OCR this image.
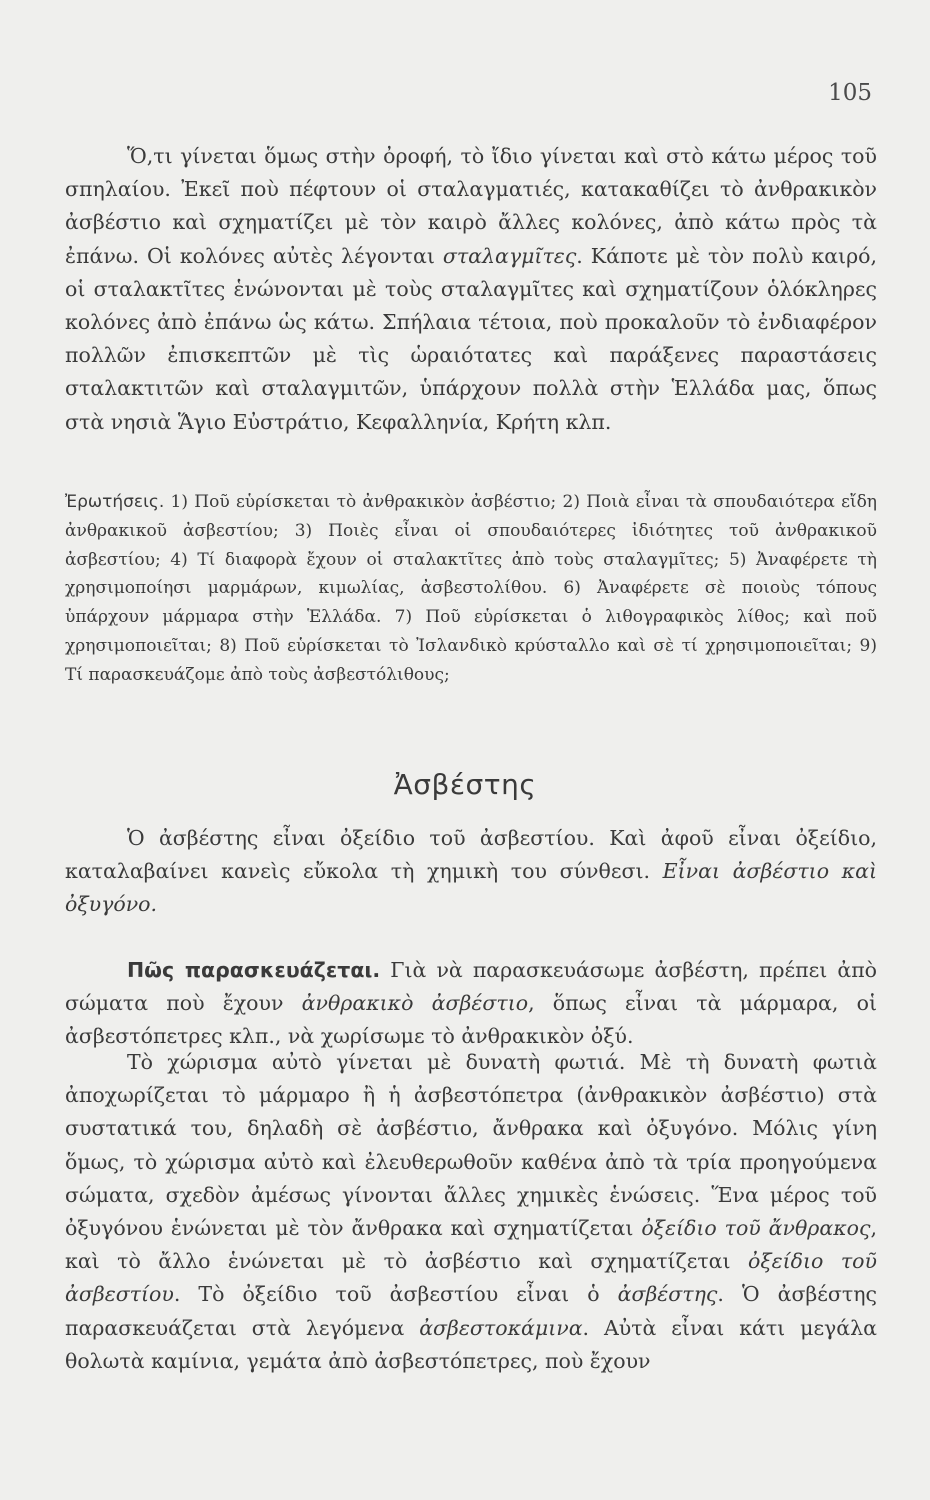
105

Ὅ,τι γίνεται ὅμως στὴν ὀροφή, τὸ ἴδιο γίνεται καὶ στὸ κάτω μέρος τοῦ σπηλαίου. Ἐκεῖ ποὺ πέφτουν οἱ σταλαγματιές, κατακαθίζει τὸ ἀνθρακικὸν ἀσβέστιο καὶ σχηματίζει μὲ τὸν καιρὸ ἄλλες κολόνες, ἀπὸ κάτω πρὸς τὰ ἐπάνω. Οἱ κολόνες αὐτὲς λέγονται σταλαγμῖτες. Κάποτε μὲ τὸν πολὺ καιρό, οἱ σταλακτῖτες ἑνώνονται μὲ τοὺς σταλαγμῖτες καὶ σχηματίζουν ὁλόκληρες κολόνες ἀπὸ ἐπάνω ὡς κάτω. Σπήλαια τέτοια, ποὺ προκαλοῦν τὸ ἐνδιαφέρον πολλῶν ἐπισκεπτῶν μὲ τὶς ὡραιότατες καὶ παράξενες παραστάσεις σταλακτιτῶν καὶ σταλαγμιτῶν, ὑπάρχουν πολλὰ στὴν Ἑλλάδα μας, ὅπως στὰ νησιὰ Ἅγιο Εὐστράτιο, Κεφαλληνία, Κρήτη κλπ.

Ἐρωτήσεις. 1) Ποῦ εὑρίσκεται τὸ ἀνθρακικὸν ἀσβέστιο; 2) Ποιὰ εἶναι τὰ σπουδαιότερα εἴδη ἀνθρακικοῦ ἀσβεστίου; 3) Ποιὲς εἶναι οἱ σπουδαιότερες ἰδιότητες τοῦ ἀνθρακικοῦ ἀσβεστίου; 4) Τί διαφορὰ ἔχουν οἱ σταλακτῖτες ἀπὸ τοὺς σταλαγμῖτες; 5) Ἀναφέρετε τὴ χρησιμοποίησι μαρμάρων, κιμωλίας, ἀσβεστολίθου. 6) Ἀναφέρετε σὲ ποιοὺς τόπους ὑπάρχουν μάρμαρα στὴν Ἑλλάδα. 7) Ποῦ εὑρίσκεται ὁ λιθογραφικὸς λίθος; καὶ ποῦ χρησιμοποιεῖται; 8) Ποῦ εὑρίσκεται τὸ Ἰσλανδικὸ κρύσταλλο καὶ σὲ τί χρησιμοποιεῖται; 9) Τί παρασκευάζομε ἀπὸ τοὺς ἀσβεστόλιθους;
Ἀσβέστης

Ὁ ἀσβέστης εἶναι ὀξείδιο τοῦ ἀσβεστίου. Καὶ ἀφοῦ εἶναι ὀξείδιο, καταλαβαίνει κανεὶς εὔκολα τὴ χημικὴ του σύνθεσι. Εἶναι ἀσβέστιο καὶ ὀξυγόνο.

Πῶς παρασκευάζεται. Γιὰ νὰ παρασκευάσωμε ἀσβέστη, πρέπει ἀπὸ σώματα ποὺ ἔχουν ἀνθρακικὸ ἀσβέστιο, ὅπως εἶναι τὰ μάρμαρα, οἱ ἀσβεστόπετρες κλπ., νὰ χωρίσωμε τὸ ἀνθρακικὸν ὀξύ.

Τὸ χώρισμα αὐτὸ γίνεται μὲ δυνατὴ φωτιά. Μὲ τὴ δυνατὴ φωτιὰ ἀποχωρίζεται τὸ μάρμαρο ἢ ἡ ἀσβεστόπετρα (ἀνθρακικὸν ἀσβέστιο) στὰ συστατικά του, δηλαδὴ σὲ ἀσβέστιο, ἄνθρακα καὶ ὀξυγόνο. Μόλις γίνη ὅμως, τὸ χώρισμα αὐτὸ καὶ ἐλευθερωθοῦν καθένα ἀπὸ τὰ τρία προηγούμενα σώματα, σχεδὸν ἀμέσως γίνονται ἄλλες χημικὲς ἑνώσεις. Ἕνα μέρος τοῦ ὀξυγόνου ἑνώνεται μὲ τὸν ἄνθρακα καὶ σχηματίζεται ὀξείδιο τοῦ ἄνθρακος, καὶ τὸ ἄλλο ἑνώνεται μὲ τὸ ἀσβέστιο καὶ σχηματίζεται ὀξείδιο τοῦ ἀσβεστίου. Τὸ ὀξείδιο τοῦ ἀσβεστίου εἶναι ὁ ἀσβέστης. Ὁ ἀσβέστης παρασκευάζεται στὰ λεγόμενα ἀσβεστοκάμινα. Αὐτὰ εἶναι κάτι μεγάλα θολωτὰ καμίνια, γεμάτα ἀπὸ ἀσβεστόπετρες, ποὺ ἔχουν
